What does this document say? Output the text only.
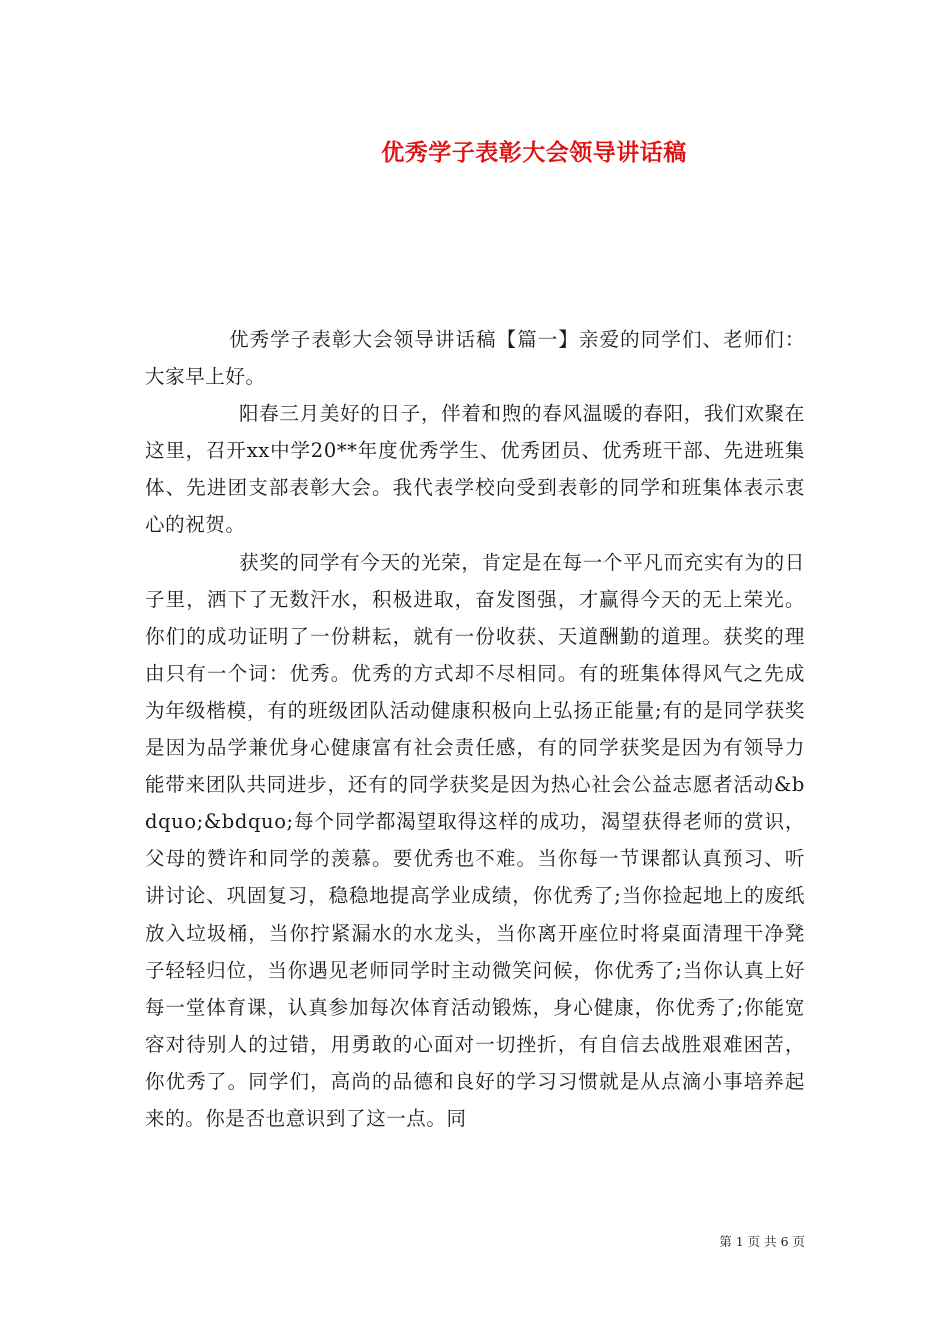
优秀学子表彰大会领导讲话稿

优秀学子表彰大会领导讲话稿【篇一】亲爱的同学们、老师们：大家早上好。

阳春三月美好的日子，伴着和煦的春风温暖的春阳，我们欢聚在这里，召开xx中学20**年度优秀学生、优秀团员、优秀班干部、先进班集体、先进团支部表彰大会。我代表学校向受到表彰的同学和班集体表示衷心的祝贺。

获奖的同学有今天的光荣，肯定是在每一个平凡而充实有为的日子里，洒下了无数汗水，积极进取，奋发图强，才赢得今天的无上荣光。你们的成功证明了一份耕耘，就有一份收获、天道酬勤的道理。获奖的理由只有一个词：优秀。优秀的方式却不尽相同。有的班集体得风气之先成为年级楷模，有的班级团队活动健康积极向上弘扬正能量;有的是同学获奖是因为品学兼优身心健康富有社会责任感，有的同学获奖是因为有领导力能带来团队共同进步，还有的同学获奖是因为热心社会公益志愿者活动&bdquo;&bdquo;每个同学都渴望取得这样的成功，渴望获得老师的赏识，父母的赞许和同学的羡慕。要优秀也不难。当你每一节课都认真预习、听讲讨论、巩固复习，稳稳地提高学业成绩，你优秀了;当你捡起地上的废纸放入垃圾桶，当你拧紧漏水的水龙头，当你离开座位时将桌面清理干净凳子轻轻归位，当你遇见老师同学时主动微笑问候，你优秀了;当你认真上好每一堂体育课，认真参加每次体育活动锻炼，身心健康，你优秀了;你能宽容对待别人的过错，用勇敢的心面对一切挫折，有自信去战胜艰难困苦，你优秀了。同学们，高尚的品德和良好的学习习惯就是从点滴小事培养起来的。你是否也意识到了这一点。同

第 1 页 共 6 页
